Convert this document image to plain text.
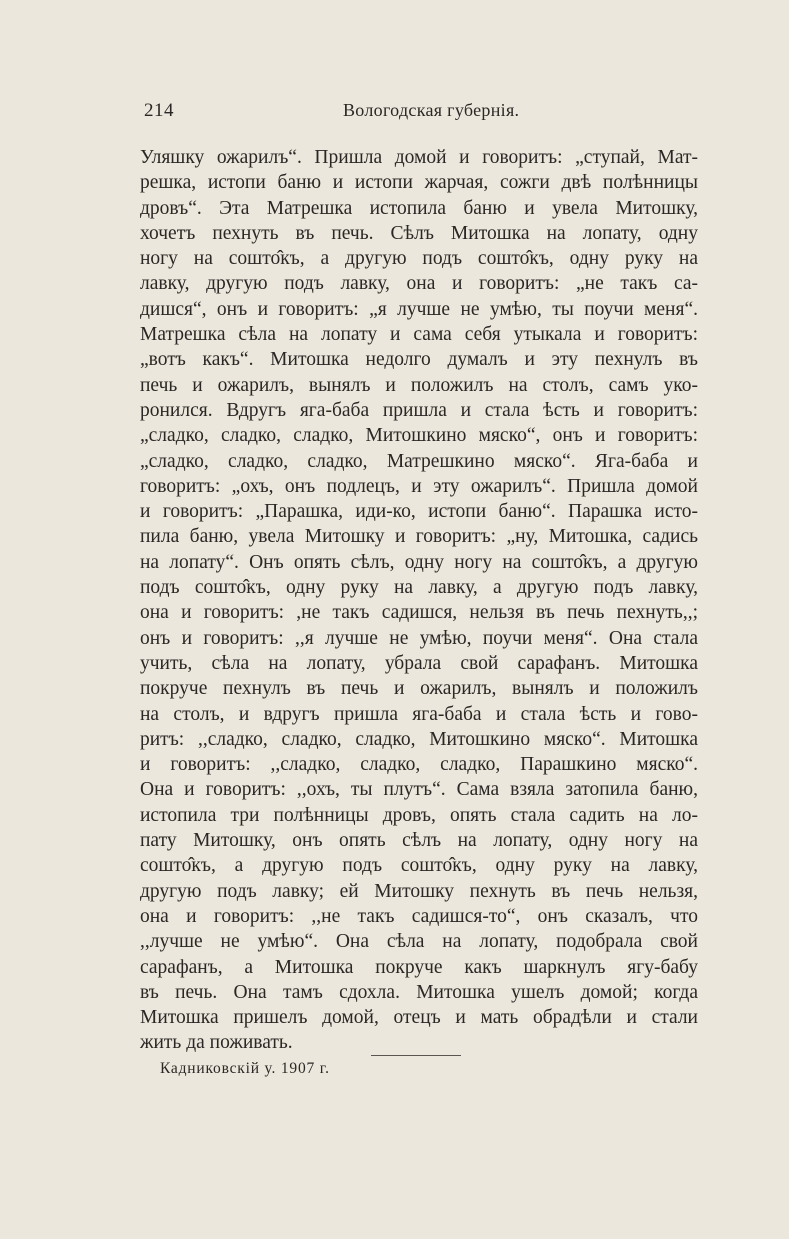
214	Вологодская губернія.
Уляшку ожарилъ“. Пришла домой и говоритъ: „ступай, Мат-
решка, истопи баню и истопи жарчая, сожги двѣ полѣнницы
дровъ“. Эта Матрешка истопила баню и увела Митошку,
хочетъ пехнуть въ печь. Сѣлъ Митошка на лопату, одну
ногу на сошто̂къ, а другую подъ сошто̂къ, одну руку на
лавку, другую подъ лавку, она и говоритъ: „не такъ са-
дишся“, онъ и говоритъ: „я лучше не умѣю, ты поучи меня“.
Матрешка сѣла на лопату и сама себя утыкала и говоритъ:
„вотъ какъ“. Митошка недолго думалъ и эту пехнулъ въ
печь и ожарилъ, вынялъ и положилъ на столъ, самъ уко-
ронился. Вдругъ яга-баба пришла и стала ѣсть и говоритъ:
„сладко, сладко, сладко, Митошкино мяско“, онъ и говоритъ:
„сладко, сладко, сладко, Матрешкино мяско“. Яга-баба и
говоритъ: „охъ, онъ подлецъ, и эту ожарилъ“. Пришла домой
и говоритъ: „Парашка, иди-ко, истопи баню“. Парашка исто-
пила баню, увела Митошку и говоритъ: „ну, Митошка, садись
на лопату“. Онъ опять сѣлъ, одну ногу на сошто̂къ, а другую
подъ сошто̂къ, одну руку на лавку, а другую подъ лавку,
она и говоритъ: ,не такъ садишся, нельзя въ печь пехнуть,,;
онъ и говоритъ: ,,я лучше не умѣю, поучи меня“. Она стала
учить, сѣла на лопату, убрала свой сарафанъ. Митошка
покруче пехнулъ въ печь и ожарилъ, вынялъ и положилъ
на столъ, и вдругъ пришла яга-баба и стала ѣсть и гово-
ритъ: ,,сладко, сладко, сладко, Митошкино мяско“. Митошка
и говоритъ: ,,сладко, сладко, сладко, Парашкино мяско“.
Она и говоритъ: ,,охъ, ты плутъ“. Сама взяла затопила баню,
истопила три полѣнницы дровъ, опять стала садить на ло-
пату Митошку, онъ опять сѣлъ на лопату, одну ногу на
сошто̂къ, а другую подъ сошто̂къ, одну руку на лавку,
другую подъ лавку; ей Митошку пехнуть въ печь нельзя,
она и говоритъ: ,,не такъ садишся-то“, онъ сказалъ, что
,,лучше не умѣю“. Она сѣла на лопату, подобрала свой
сарафанъ, а Митошка покруче какъ шаркнулъ ягу-бабу
въ печь. Она тамъ сдохла. Митошка ушелъ домой; когда
Митошка пришелъ домой, отецъ и мать обрадѣли и стали
жить да поживать.
Кадниковскій у. 1907 г.
